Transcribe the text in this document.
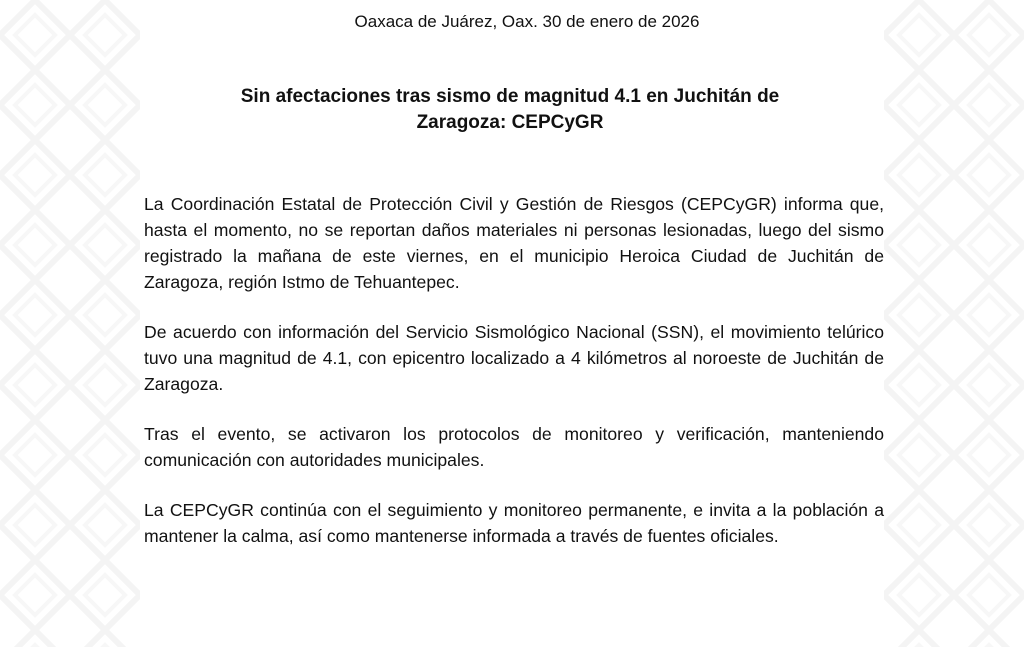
Oaxaca de Juárez, Oax. 30 de enero de 2026
Sin afectaciones tras sismo de magnitud 4.1 en Juchitán de
Zaragoza: CEPCyGR

La Coordinación Estatal de Protección Civil y Gestión de Riesgos (CEPCyGR) informa que, hasta el momento, no se reportan daños materiales ni personas lesionadas, luego del sismo registrado la mañana de este viernes, en el municipio Heroica Ciudad de Juchitán de Zaragoza, región Istmo de Tehuantepec.

De acuerdo con información del Servicio Sismológico Nacional (SSN), el movimiento telúrico tuvo una magnitud de 4.1, con epicentro localizado a 4 kilómetros al noroeste de Juchitán de Zaragoza.

Tras el evento, se activaron los protocolos de monitoreo y verificación, manteniendo comunicación con autoridades municipales.

La CEPCyGR continúa con el seguimiento y monitoreo permanente, e invita a la población a mantener la calma, así como mantenerse informada a través de fuentes oficiales.
